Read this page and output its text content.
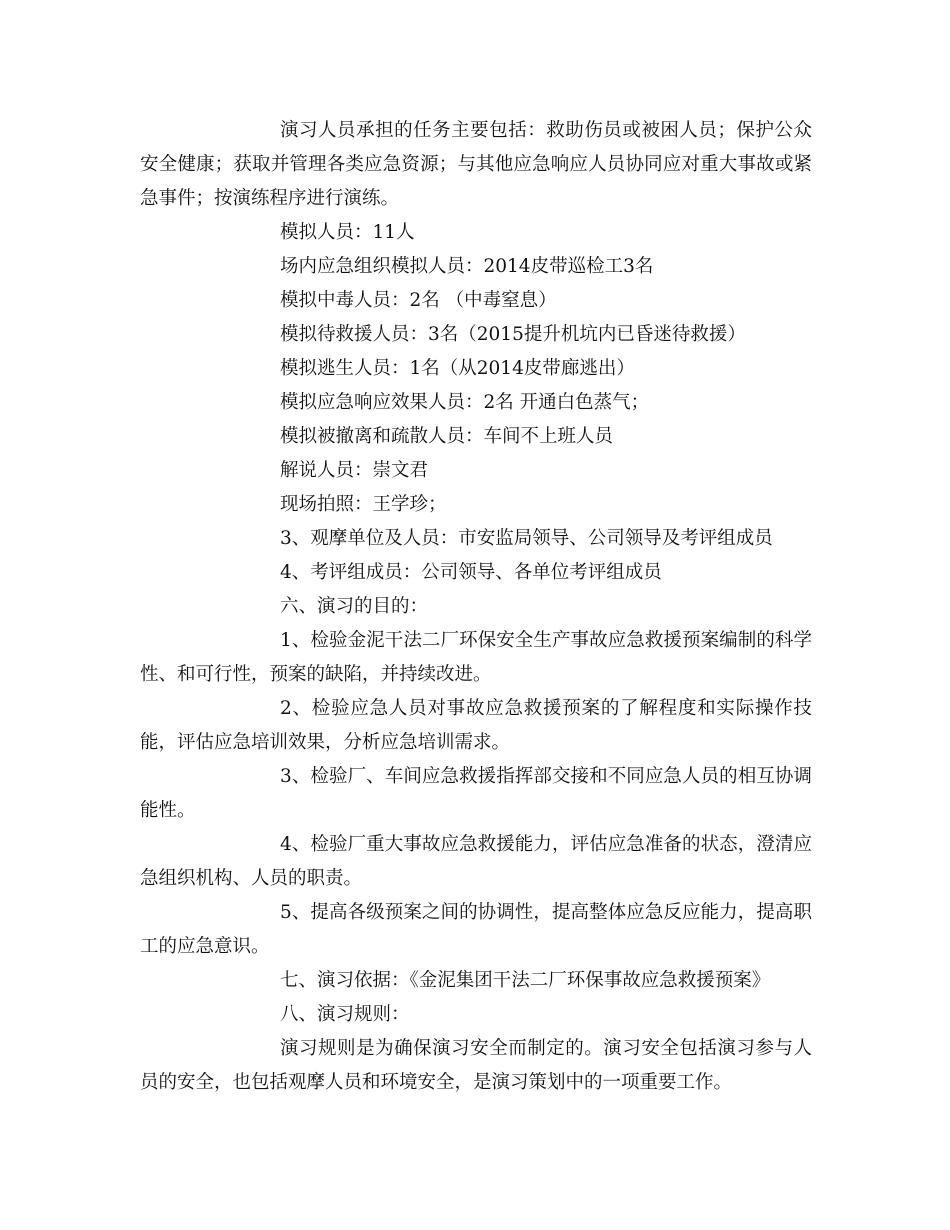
演习人员承担的任务主要包括：救助伤员或被困人员；保护公众安全健康；获取并管理各类应急资源；与其他应急响应人员协同应对重大事故或紧急事件；按演练程序进行演练。

模拟人员：11人

场内应急组织模拟人员：2014皮带巡检工3名

模拟中毒人员：2名 （中毒窒息）

模拟待救援人员：3名（2015提升机坑内已昏迷待救援）

模拟逃生人员：1名（从2014皮带廊逃出）

模拟应急响应效果人员：2名 开通白色蒸气；

模拟被撤离和疏散人员：车间不上班人员

解说人员：崇文君

现场拍照：王学珍；

3、观摩单位及人员：市安监局领导、公司领导及考评组成员

4、考评组成员：公司领导、各单位考评组成员

六、演习的目的：

1、检验金泥干法二厂环保安全生产事故应急救援预案编制的科学性、和可行性，预案的缺陷，并持续改进。

2、检验应急人员对事故应急救援预案的了解程度和实际操作技能，评估应急培训效果，分析应急培训需求。

3、检验厂、车间应急救援指挥部交接和不同应急人员的相互协调能性。

4、检验厂重大事故应急救援能力，评估应急准备的状态，澄清应急组织机构、人员的职责。

5、提高各级预案之间的协调性，提高整体应急反应能力，提高职工的应急意识。

七、演习依据：《金泥集团干法二厂环保事故应急救援预案》

八、演习规则：

演习规则是为确保演习安全而制定的。演习安全包括演习参与人员的安全，也包括观摩人员和环境安全，是演习策划中的一项重要工作。
